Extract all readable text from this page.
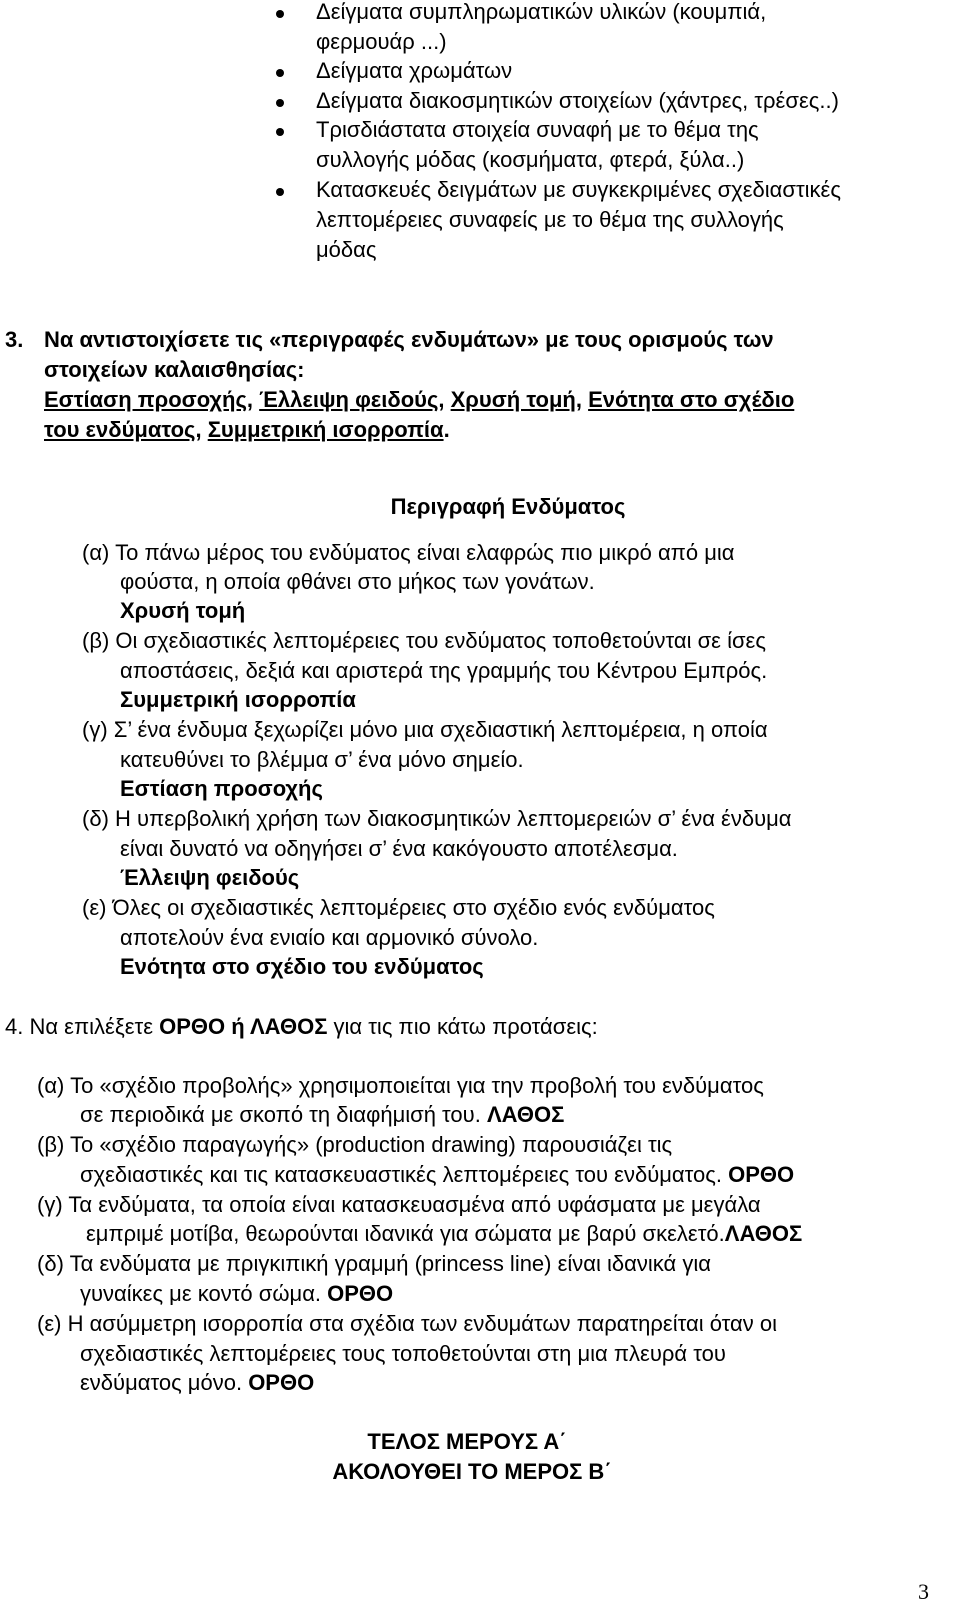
Δείγματα συμπληρωματικών υλικών (κουμπιά,
φερμουάρ ...)
Δείγματα χρωμάτων
Δείγματα διακοσμητικών στοιχείων (χάντρες, τρέσες..)
Τρισδιάστατα στοιχεία συναφή με το θέμα της
συλλογής μόδας (κοσμήματα, φτερά, ξύλα..)
Κατασκευές δειγμάτων με συγκεκριμένες σχεδιαστικές
λεπτομέρειες συναφείς με το θέμα της συλλογής
μόδας
3. Να αντιστοιχίσετε τις «περιγραφές ενδυμάτων» με τους ορισμούς των
στοιχείων καλαισθησίας:
Εστίαση προσοχής, Έλλειψη φειδούς, Χρυσή τομή, Ενότητα στο σχέδιο
του ενδύματος, Συμμετρική ισορροπία.
Περιγραφή Ενδύματος
(α) Το πάνω μέρος του ενδύματος είναι ελαφρώς πιο μικρό από μια
φούστα, η οποία φθάνει στο μήκος των γονάτων.
Χρυσή τομή
(β) Οι σχεδιαστικές λεπτομέρειες του ενδύματος τοποθετούνται σε ίσες
αποστάσεις, δεξιά και αριστερά της γραμμής του Κέντρου Εμπρός.
Συμμετρική ισορροπία
(γ) Σ’ ένα ένδυμα ξεχωρίζει μόνο μια σχεδιαστική λεπτομέρεια, η οποία
κατευθύνει το βλέμμα σ’ ένα μόνο σημείο.
Εστίαση προσοχής
(δ) Η υπερβολική χρήση των διακοσμητικών λεπτομερειών σ’ ένα ένδυμα
είναι δυνατό να οδηγήσει σ’ ένα κακόγουστο αποτέλεσμα.
Έλλειψη φειδούς
(ε) Όλες οι σχεδιαστικές λεπτομέρειες στο σχέδιο ενός ενδύματος
αποτελούν ένα ενιαίο και αρμονικό σύνολο.
Ενότητα στο σχέδιο του ενδύματος
4. Να επιλέξετε ΟΡΘΟ ή ΛΑΘΟΣ για τις πιο κάτω προτάσεις:
(α) Το «σχέδιο προβολής» χρησιμοποιείται για την προβολή του ενδύματος
σε περιοδικά με σκοπό τη διαφήμισή του. ΛΑΘΟΣ
(β) Το «σχέδιο παραγωγής» (production drawing) παρουσιάζει τις
σχεδιαστικές και τις κατασκευαστικές λεπτομέρειες του ενδύματος. ΟΡΘΟ
(γ) Τα ενδύματα, τα οποία είναι κατασκευασμένα από υφάσματα με μεγάλα
εμπριμέ μοτίβα, θεωρούνται ιδανικά για σώματα με βαρύ σκελετό.ΛΑΘΟΣ
(δ) Τα ενδύματα με πριγκιπική γραμμή (princess line) είναι ιδανικά για
γυναίκες με κοντό σώμα. ΟΡΘΟ
(ε) Η ασύμμετρη ισορροπία στα σχέδια των ενδυμάτων παρατηρείται όταν οι
σχεδιαστικές λεπτομέρειες τους τοποθετούνται στη μια πλευρά του
ενδύματος μόνο. ΟΡΘΟ
ΤΕΛΟΣ ΜΕΡΟΥΣ Α΄
ΑΚΟΛΟΥΘΕΙ ΤΟ ΜΕΡΟΣ Β΄
3
